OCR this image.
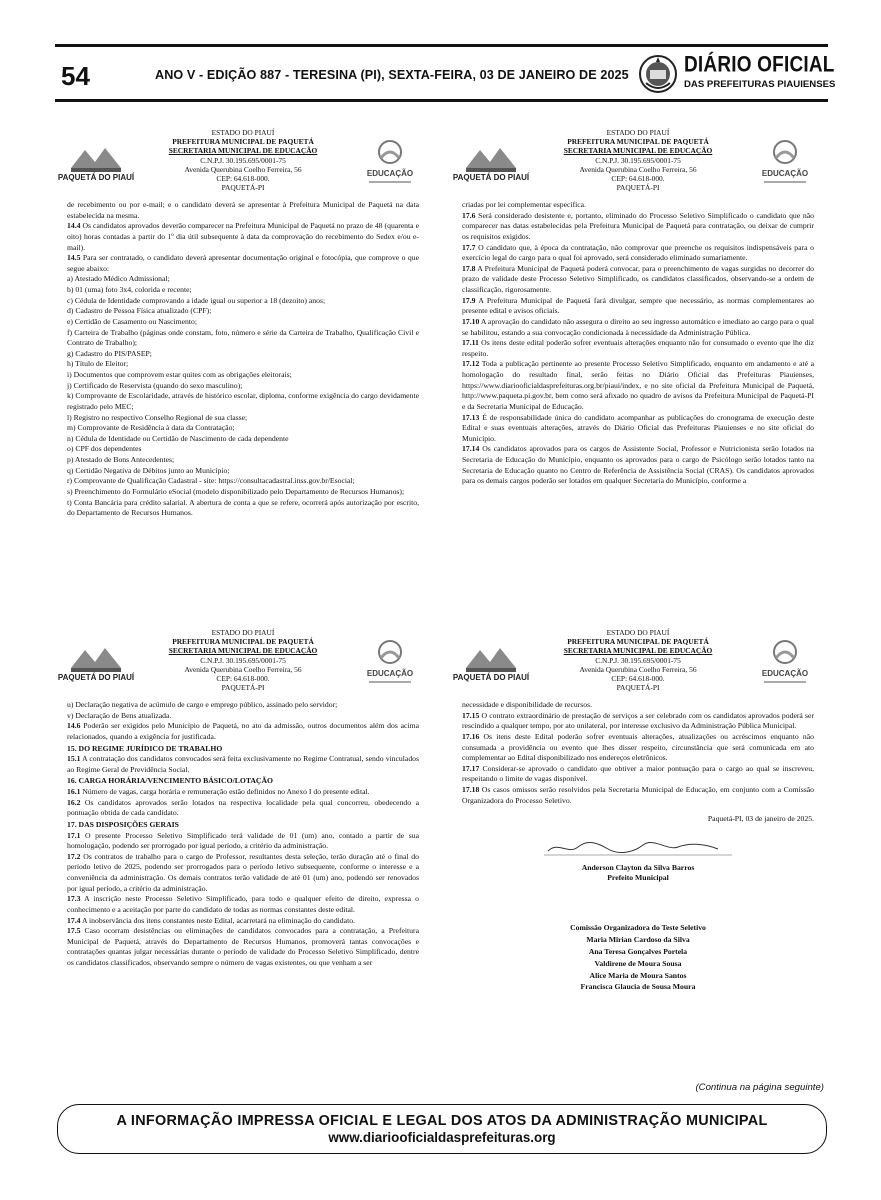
54	ANO V - EDIÇÃO 887 - TERESINA (PI), SEXTA-FEIRA, 03 DE JANEIRO DE 2025	DIÁRIO OFICIAL
DAS PREFEITURAS PIAUIENSES
PAQUETÁ DO PIAUÍ
ESTADO DO PIAUÍ
PREFEITURA MUNICIPAL DE PAQUETÁ
SECRETARIA MUNICIPAL DE EDUCAÇÃO
C.N.P.J. 30.195.695/0001-75
Avenida Querubina Coelho Ferreira, 56
CEP: 64.618-000.
PAQUETÁ-PI
EDUCAÇÃO

de recebimento ou por e-mail; e o candidato deverá se apresentar à Prefeitura Municipal de Paquetá na data estabelecida na mesma.

14.4 Os candidatos aprovados deverão comparecer na Prefeitura Municipal de Paquetá no prazo de 48 (quarenta e oito) horas contadas a partir do 1º dia útil subsequente à data da comprovação do recebimento do Sedex e/ou e-mail).

14.5 Para ser contratado, o candidato deverá apresentar documentação original e fotocópia, que comprove o que segue abaixo:

a) Atestado Médico Admissional;

b) 01 (uma) foto 3x4, colorida e recente;

c) Cédula de Identidade comprovando a idade igual ou superior a 18 (dezoito) anos;

d) Cadastro de Pessoa Física atualizado (CPF);

e) Certidão de Casamento ou Nascimento;

f) Carteira de Trabalho (páginas onde constam, foto, número e série da Carteira de Trabalho, Qualificação Civil e Contrato de Trabalho);

g) Cadastro do PIS/PASEP;

h) Título de Eleitor;

i) Documentos que comprovem estar quites com as obrigações eleitorais;

j) Certificado de Reservista (quando do sexo masculino);

k) Comprovante de Escolaridade, através de histórico escolar, diploma, conforme exigência do cargo devidamente registrado pelo MEC;

l) Registro no respectivo Conselho Regional de sua classe;

m) Comprovante de Residência à data da Contratação;

n) Cédula de Identidade ou Certidão de Nascimento de cada dependente

o) CPF dos dependentes

p) Atestado de Bons Antecedentes;

q) Certidão Negativa de Débitos junto ao Município;

r) Comprovante de Qualificação Cadastral - site: https://consultacadastral.inss.gov.br/Esocial;

s) Preenchimento do Formulário eSocial (modelo disponibilizado pelo Departamento de Recursos Humanos);

t) Conta Bancária para crédito salarial. A abertura de conta a que se refere, ocorrerá após autorização por escrito, do Departamento de Recursos Humanos.

PAQUETÁ DO PIAUÍ
ESTADO DO PIAUÍ
PREFEITURA MUNICIPAL DE PAQUETÁ
SECRETARIA MUNICIPAL DE EDUCAÇÃO
C.N.P.J. 30.195.695/0001-75
Avenida Querubina Coelho Ferreira, 56
CEP: 64.618-000.
PAQUETÁ-PI
EDUCAÇÃO

criadas por lei complementar específica.

17.6 Será considerado desistente e, portanto, eliminado do Processo Seletivo Simplificado o candidato que não comparecer nas datas estabelecidas pela Prefeitura Municipal de Paquetá para contratação, ou deixar de cumprir os requisitos exigidos.

17.7 O candidato que, à época da contratação, não comprovar que preenche os requisitos indispensáveis para o exercício legal do cargo para o qual foi aprovado, será considerado eliminado sumariamente.

17.8 A Prefeitura Municipal de Paquetá poderá convocar, para o preenchimento de vagas surgidas no decorrer do prazo de validade deste Processo Seletivo Simplificado, os candidatos classificados, observando-se a ordem de classificação, rigorosamente.

17.9 A Prefeitura Municipal de Paquetá fará divulgar, sempre que necessário, as normas complementares ao presente edital e avisos oficiais.

17.10 A aprovação do candidato não assegura o direito ao seu ingresso automático e imediato ao cargo para o qual se habilitou, estando a sua convocação condicionada à necessidade da Administração Pública.

17.11 Os itens deste edital poderão sofrer eventuais alterações enquanto não for consumado o evento que lhe diz respeito.

17.12 Toda a publicação pertinente ao presente Processo Seletivo Simplificado, enquanto em andamento e até a homologação do resultado final, serão feitas no Diário Oficial das Prefeituras Piauienses, https://www.diariooficialdasprefeituras.org.br/piaui/index, e no site oficial da Prefeitura Municipal de Paquetá, http://www.paqueta.pi.gov.br, bem como será afixado no quadro de avisos da Prefeitura Municipal de Paquetá-PI e da Secretaria Municipal de Educação.

17.13 É de responsabilidade única do candidato acompanhar as publicações do cronograma de execução deste Edital e suas eventuais alterações, através do Diário Oficial das Prefeituras Piauienses e no site oficial do Município.

17.14 Os candidatos aprovados para os cargos de Assistente Social, Professor e Nutricionista serão lotados na Secretaria de Educação do Município, enquanto os aprovados para o cargo de Psicólogo serão lotados tanto na Secretaria de Educação quanto no Centro de Referência de Assistência Social (CRAS). Os candidatos aprovados para os demais cargos poderão ser lotados em qualquer Secretaria do Município, conforme a

PAQUETÁ DO PIAUÍ
ESTADO DO PIAUÍ
PREFEITURA MUNICIPAL DE PAQUETÁ
SECRETARIA MUNICIPAL DE EDUCAÇÃO
C.N.P.J. 30.195.695/0001-75
Avenida Querubina Coelho Ferreira, 56
CEP: 64.618-000.
PAQUETÁ-PI
EDUCAÇÃO

u) Declaração negativa de acúmulo de cargo e emprego público, assinado pelo servidor;

v) Declaração de Bens atualizada.

14.6 Poderão ser exigidos pelo Município de Paquetá, no ato da admissão, outros documentos além dos acima relacionados, quando a exigência for justificada.

15. DO REGIME JURÍDICO DE TRABALHO

15.1 A contratação dos candidatos convocados será feita exclusivamente no Regime Contratual, sendo vinculados ao Regime Geral de Previdência Social.

16. CARGA HORÁRIA/VENCIMENTO BÁSICO/LOTAÇÃO

16.1 Número de vagas, carga horária e remuneração estão definidos no Anexo I do presente edital.

16.2 Os candidatos aprovados serão lotados na respectiva localidade pela qual concorreu, obedecendo a pontuação obtida de cada candidato.

17. DAS DISPOSIÇÕES GERAIS

17.1 O presente Processo Seletivo Simplificado terá validade de 01 (um) ano, contado a partir de sua homologação, podendo ser prorrogado por igual período, a critério da administração.

17.2 Os contratos de trabalho para o cargo de Professor, resultantes desta seleção, terão duração até o final do período letivo de 2025, podendo ser prorrogados para o período letivo subsequente, conforme o interesse e a conveniência da administração. Os demais contratos terão validade de até 01 (um) ano, podendo ser renovados por igual período, a critério da administração.

17.3 A inscrição neste Processo Seletivo Simplificado, para todo e qualquer efeito de direito, expressa o conhecimento e a aceitação por parte do candidato de todas as normas constantes deste edital.

17.4 A inobservância dos itens constantes neste Edital, acarretará na eliminação do candidato.

17.5 Caso ocorram desistências ou eliminações de candidatos convocados para a contratação, a Prefeitura Municipal de Paquetá, através do Departamento de Recursos Humanos, promoverá tantas convocações e contratações quantas julgar necessárias durante o período de validade do Processo Seletivo Simplificado, dentre os candidatos classificados, observando sempre o número de vagas existentes, ou que venham a ser

PAQUETÁ DO PIAUÍ
ESTADO DO PIAUÍ
PREFEITURA MUNICIPAL DE PAQUETÁ
SECRETARIA MUNICIPAL DE EDUCAÇÃO
C.N.P.J. 30.195.695/0001-75
Avenida Querubina Coelho Ferreira, 56
CEP: 64.618-000.
PAQUETÁ-PI
EDUCAÇÃO

necessidade e disponibilidade de recursos.

17.15 O contrato extraordinário de prestação de serviços a ser celebrado com os candidatos aprovados poderá ser rescindido a qualquer tempo, por ato unilateral, por interesse exclusivo da Administração Pública Municipal.

17.16 Os itens deste Edital poderão sofrer eventuais alterações, atualizações ou acréscimos enquanto não consumada a providência ou evento que lhes disser respeito, circunstância que será comunicada em ato complementar ao Edital disponibilizado nos endereços eletrônicos.

17.17 Considerar-se aprovado o candidato que obtiver a maior pontuação para o cargo ao qual se inscreveu, respeitando o limite de vagas disponível.

17.18 Os casos omissos serão resolvidos pela Secretaria Municipal de Educação, em conjunto com a Comissão Organizadora do Processo Seletivo.

Paquetá-PI, 03 de janeiro de 2025.

Anderson Clayton da Silva Barros

Prefeito Municipal

Comissão Organizadora do Teste Seletivo
Maria Mirian Cardoso da Silva
Ana Teresa Gonçalves Portela
Valdirene de Moura Sousa
Alice Maria de Moura Santos
Francisca Glaucia de Sousa Moura
(Continua na página seguinte)
A INFORMAÇÃO IMPRESSA OFICIAL E LEGAL DOS ATOS DA ADMINISTRAÇÃO MUNICIPAL
www.diariooficialdasprefeituras.org
